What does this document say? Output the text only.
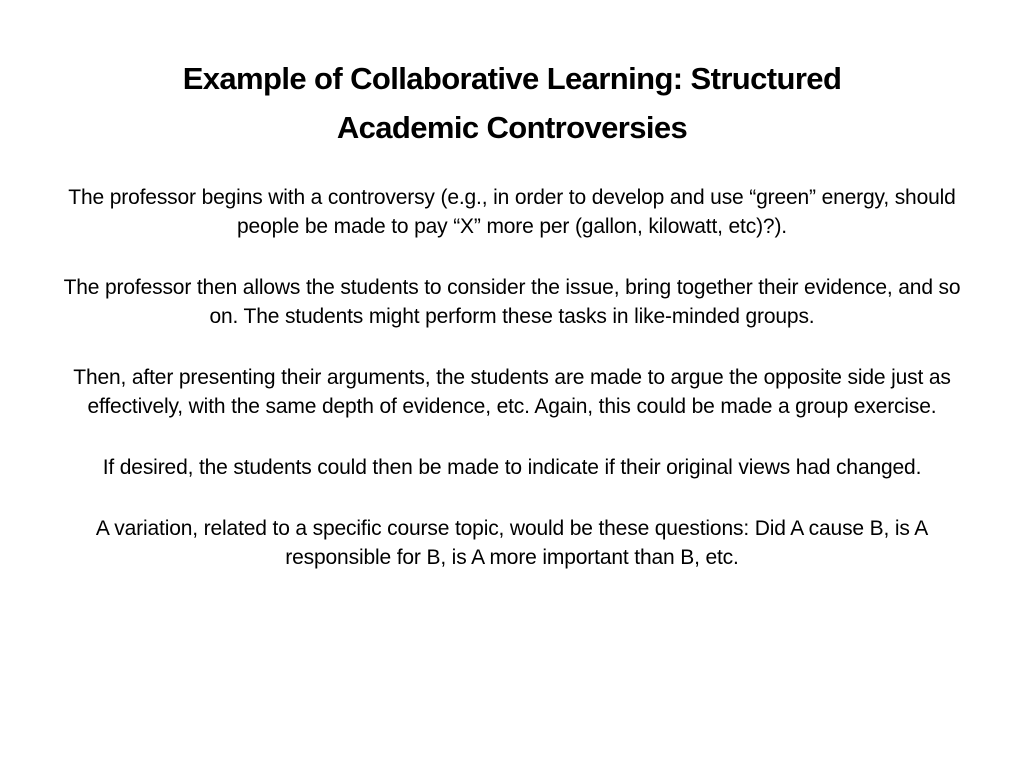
Example of Collaborative Learning: Structured Academic Controversies
The professor begins with a controversy (e.g., in order to develop and use “green” energy, should people be made to pay “X” more per (gallon, kilowatt, etc)?).
The professor then allows the students to consider the issue, bring together their evidence, and so on. The students might perform these tasks in like-minded groups.
Then, after presenting their arguments, the students are made to argue the opposite side just as effectively, with the same depth of evidence, etc. Again, this could be made a group exercise.
If desired, the students could then be made to indicate if their original views had changed.
A variation, related to a specific course topic, would be these questions: Did A cause B, is A responsible for B, is A more important than B, etc.
